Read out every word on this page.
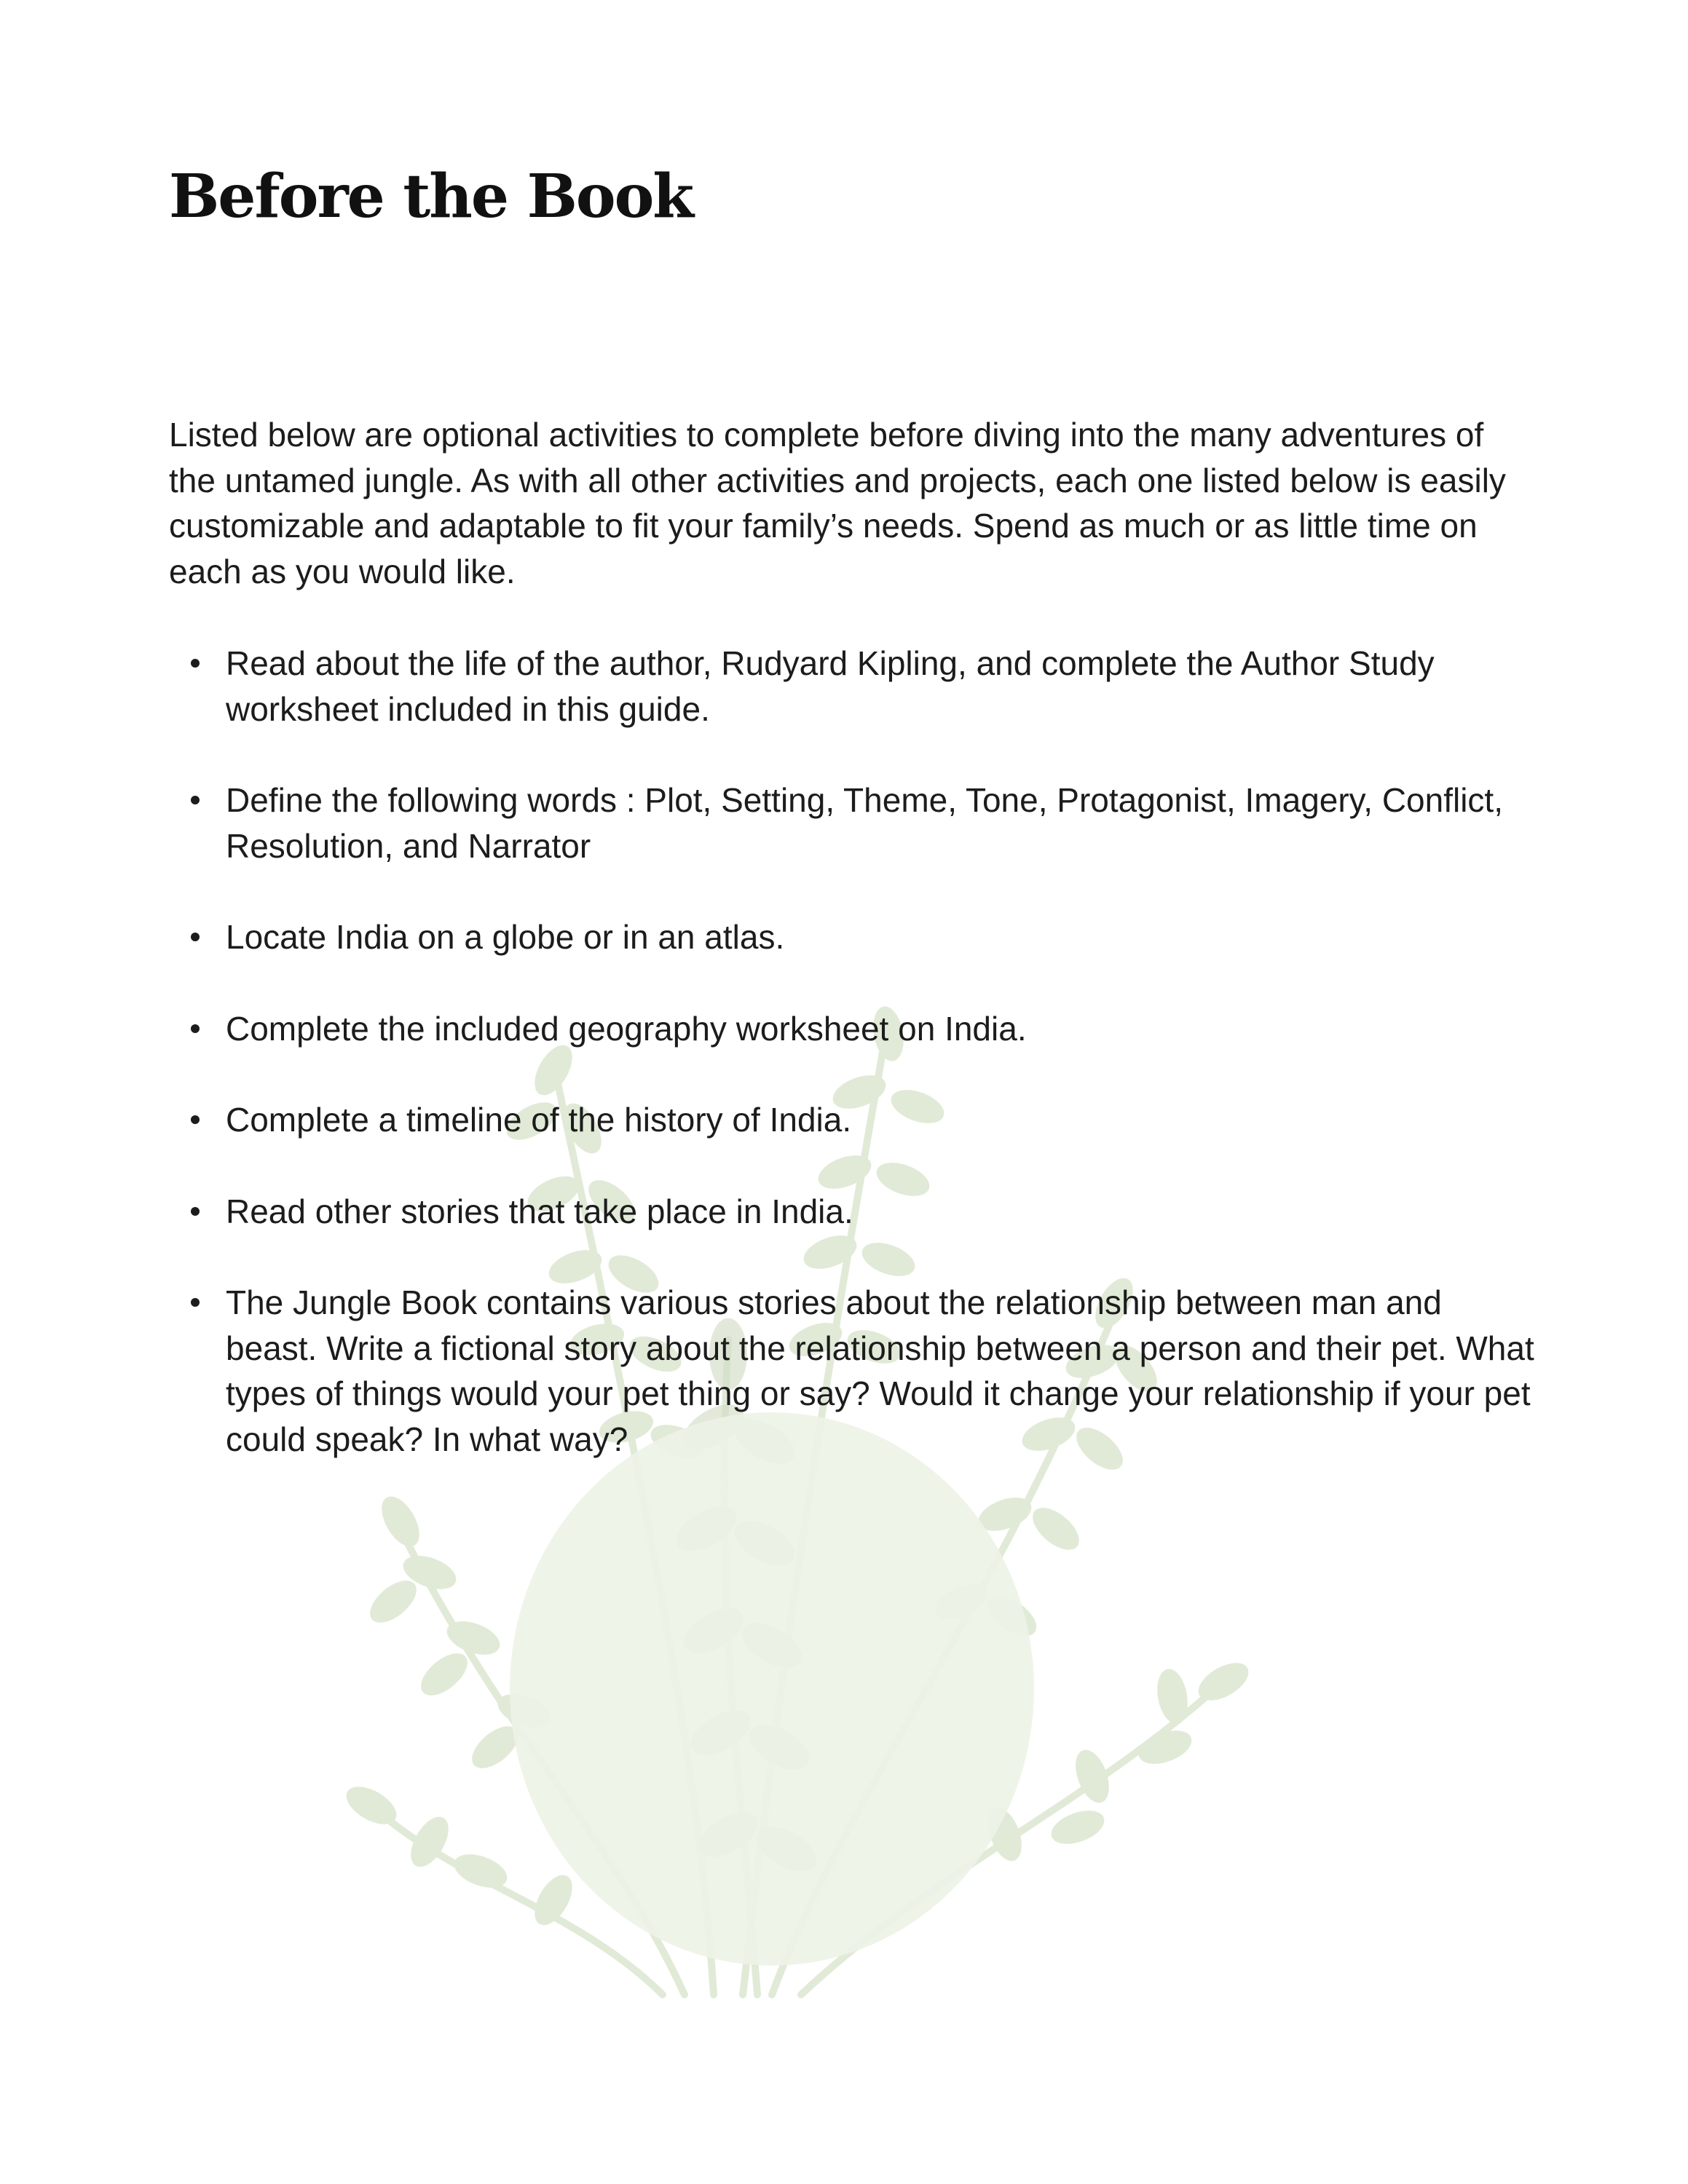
Before the Book

Listed below are optional activities to complete before diving into the many adventures of the untamed jungle. As with all other activities and projects, each one listed below is easily customizable and adaptable to fit your family’s needs. Spend as much or as little time on each as you would like.

Read about the life of the author, Rudyard Kipling, and complete the Author Study worksheet included in this guide.
Define the following words : Plot, Setting, Theme, Tone, Protagonist, Imagery, Conflict, Resolution, and Narrator
Locate India on a globe or in an atlas.
Complete the included geography worksheet on India.
Complete a timeline of the history of India.
Read other stories that take place in India.
The Jungle Book contains various stories about the relationship between man and beast. Write a fictional story about the relationship between a person and their pet. What types of things would your pet thing or say? Would it change your relationship if your pet could speak? In what way?
